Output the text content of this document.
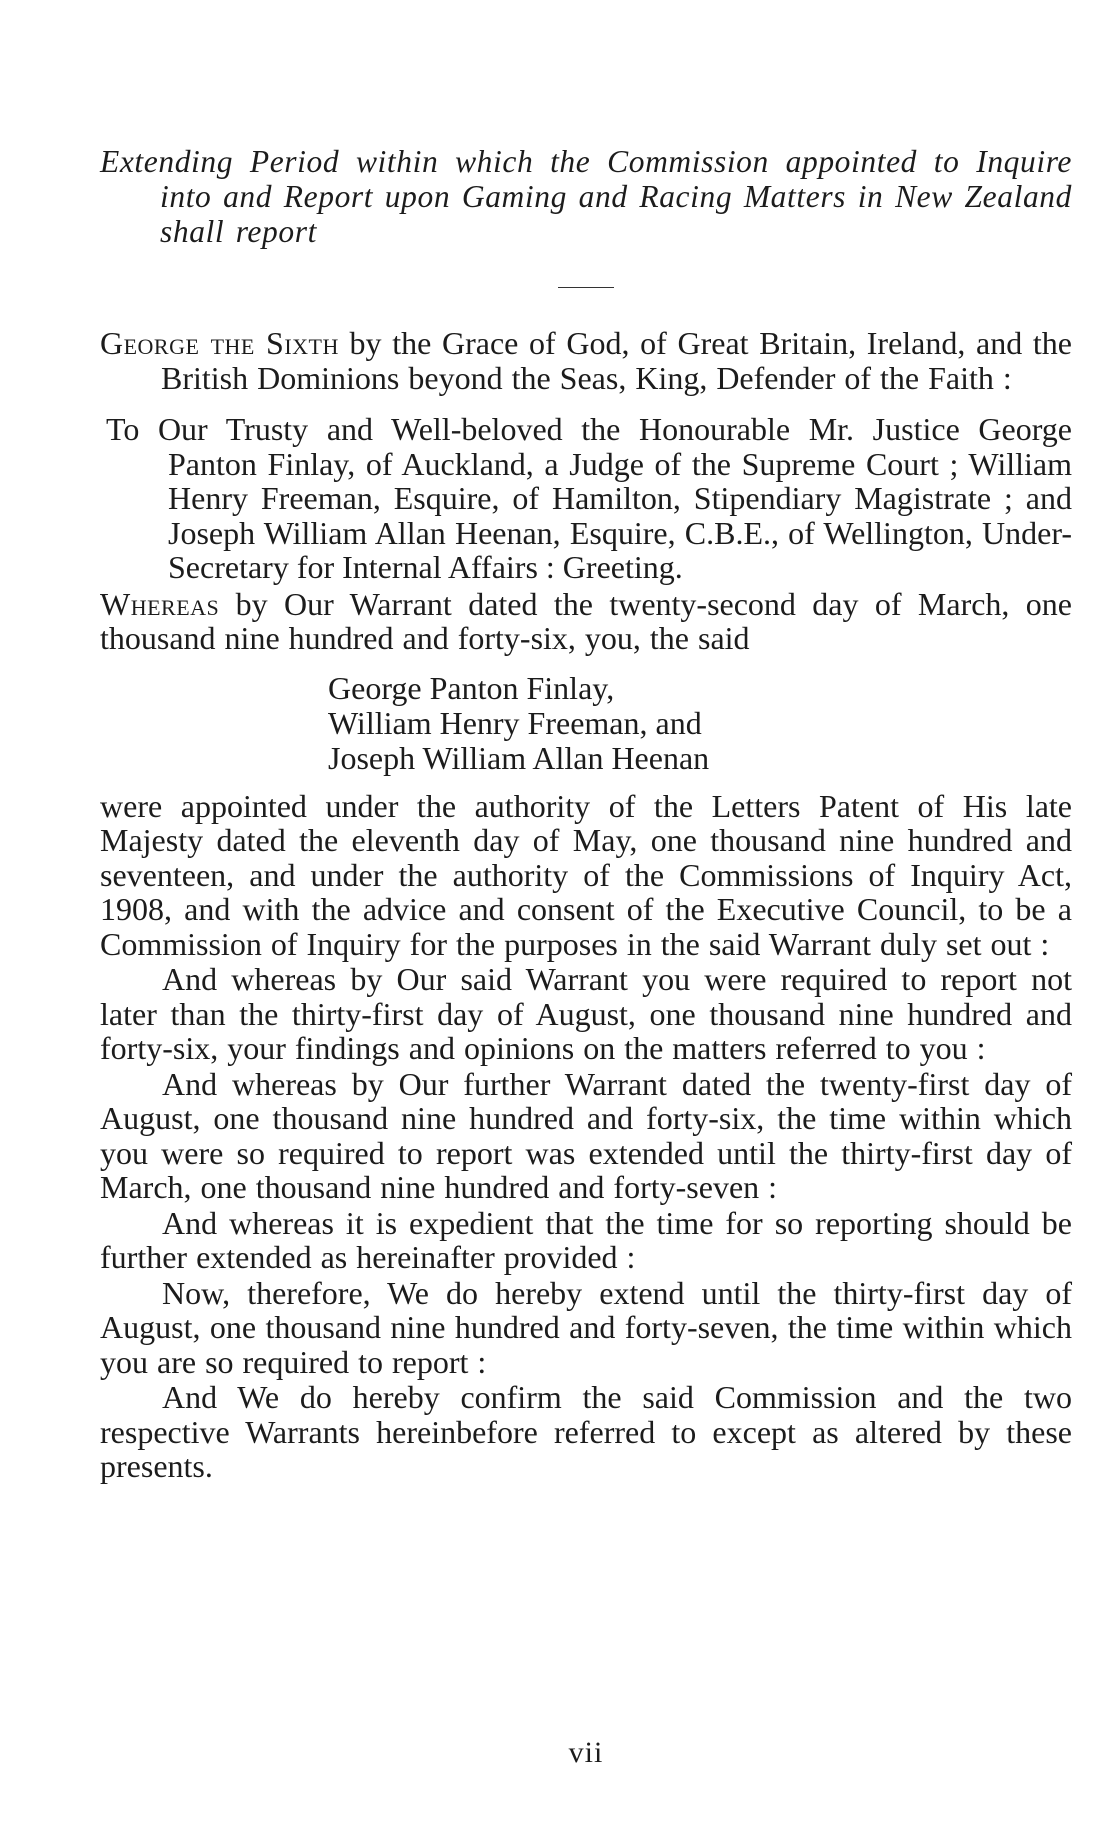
Extending Period within which the Commission appointed to Inquire into and Report upon Gaming and Racing Matters in New Zealand shall report

George the Sixth by the Grace of God, of Great Britain, Ireland, and the British Dominions beyond the Seas, King, Defender of the Faith :

To Our Trusty and Well-beloved the Honourable Mr. Justice George Panton Finlay, of Auckland, a Judge of the Supreme Court ; William Henry Freeman, Esquire, of Hamilton, Stipendiary Magistrate ; and Joseph William Allan Heenan, Esquire, C.B.E., of Wellington, Under-Secretary for Internal Affairs : Greeting.

Whereas by Our Warrant dated the twenty-second day of March, one thousand nine hundred and forty-six, you, the said

George Panton Finlay,
William Henry Freeman, and
Joseph William Allan Heenan

were appointed under the authority of the Letters Patent of His late Majesty dated the eleventh day of May, one thousand nine hundred and seventeen, and under the authority of the Commissions of Inquiry Act, 1908, and with the advice and consent of the Executive Council, to be a Commission of Inquiry for the purposes in the said Warrant duly set out :

And whereas by Our said Warrant you were required to report not later than the thirty-first day of August, one thousand nine hundred and forty-six, your findings and opinions on the matters referred to you :

And whereas by Our further Warrant dated the twenty-first day of August, one thousand nine hundred and forty-six, the time within which you were so required to report was extended until the thirty-first day of March, one thousand nine hundred and forty-seven :

And whereas it is expedient that the time for so reporting should be further extended as hereinafter provided :

Now, therefore, We do hereby extend until the thirty-first day of August, one thousand nine hundred and forty-seven, the time within which you are so required to report :

And We do hereby confirm the said Commission and the two respective Warrants hereinbefore referred to except as altered by these presents.

vii
